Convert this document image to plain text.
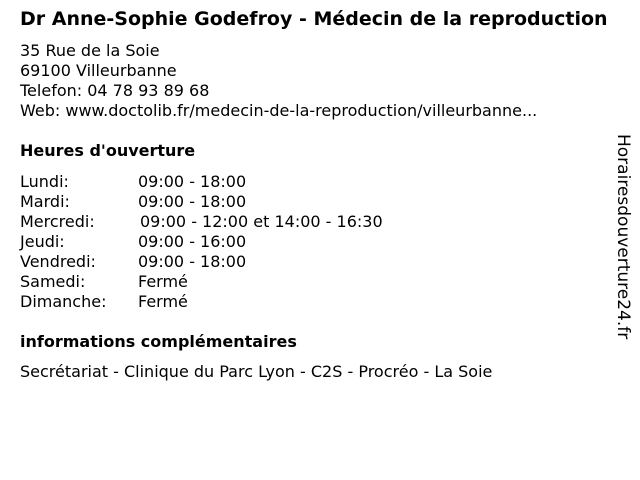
Dr Anne-Sophie Godefroy - Médecin de la reproduction
35 Rue de la Soie
69100 Villeurbanne
Telefon: 04 78 93 89 68
Web: www.doctolib.fr/medecin-de-la-reproduction/villeurbanne...
Heures d'ouverture
Lundi:	09:00 - 18:00
Mardi:	09:00 - 18:00
Mercredi:	09:00 - 12:00 et 14:00 - 16:30
Jeudi:	09:00 - 16:00
Vendredi:	09:00 - 18:00
Samedi:	Fermé
Dimanche:	Fermé
informations complémentaires
Secrétariat - Clinique du Parc Lyon - C2S - Procréo - La Soie
Horairesdouverture24.fr
